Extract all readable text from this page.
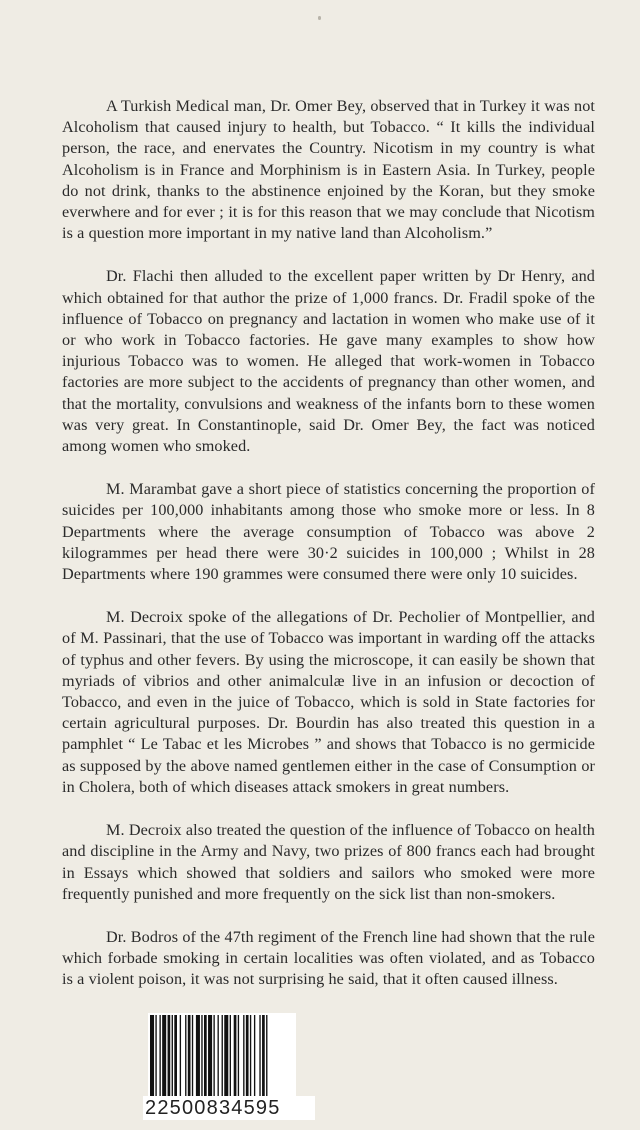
A Turkish Medical man, Dr. Omer Bey, observed that in Turkey it was not Alcoholism that caused injury to health, but Tobacco. “ It kills the individual person, the race, and enervates the Country. Nicotism in my country is what Alcoholism is in France and Morphinism is in Eastern Asia. In Turkey, people do not drink, thanks to the abstinence enjoined by the Koran, but they smoke everwhere and for ever ; it is for this reason that we may conclude that Nicotism is a question more important in my native land than Alcoholism.”

Dr. Flachi then alluded to the excellent paper written by Dr Henry, and which obtained for that author the prize of 1,000 francs. Dr. Fradil spoke of the influence of Tobacco on pregnancy and lactation in women who make use of it or who work in Tobacco factories. He gave many examples to show how injurious Tobacco was to women. He alleged that work-women in Tobacco factories are more subject to the accidents of pregnancy than other women, and that the mortality, convulsions and weakness of the infants born to these women was very great. In Constantinople, said Dr. Omer Bey, the fact was noticed among women who smoked.

M. Marambat gave a short piece of statistics concerning the proportion of suicides per 100,000 inhabitants among those who smoke more or less. In 8 Departments where the average consumption of Tobacco was above 2 kilogrammes per head there were 30·2 suicides in 100,000 ; Whilst in 28 Departments where 190 grammes were consumed there were only 10 suicides.

M. Decroix spoke of the allegations of Dr. Pecholier of Montpellier, and of M. Passinari, that the use of Tobacco was important in warding off the attacks of typhus and other fevers. By using the microscope, it can easily be shown that myriads of vibrios and other animalculæ live in an infusion or decoction of Tobacco, and even in the juice of Tobacco, which is sold in State factories for certain agricultural purposes. Dr. Bourdin has also treated this question in a pamphlet “ Le Tabac et les Microbes ” and shows that Tobacco is no germicide as supposed by the above named gentlemen either in the case of Consumption or in Cholera, both of which diseases attack smokers in great numbers.

M. Decroix also treated the question of the influence of Tobacco on health and discipline in the Army and Navy, two prizes of 800 francs each had brought in Essays which showed that soldiers and sailors who smoked were more frequently punished and more frequently on the sick list than non-smokers.

Dr. Bodros of the 47th regiment of the French line had shown that the rule which forbade smoking in certain localities was often violated, and as Tobacco is a violent poison, it was not surprising he said, that it often caused illness.

22500834595
